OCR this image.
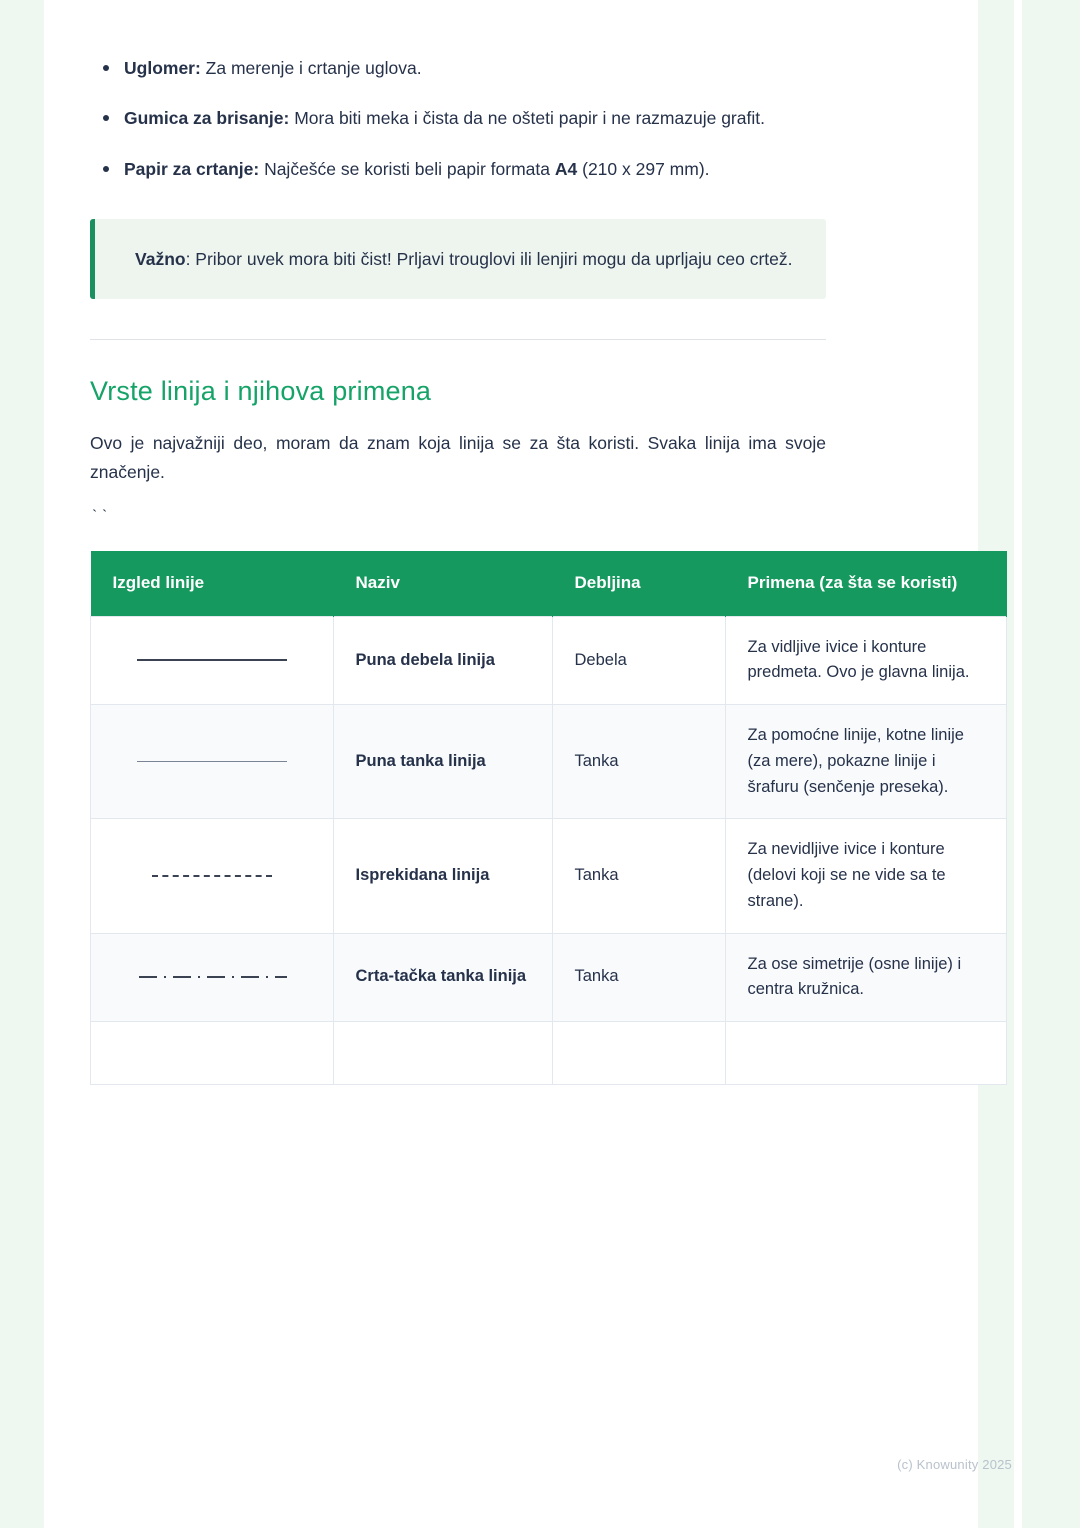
Uglomer: Za merenje i crtanje uglova.
Gumica za brisanje: Mora biti meka i čista da ne ošteti papir i ne razmazuje grafit.
Papir za crtanje: Najčešće se koristi beli papir formata A4 (210 x 297 mm).
Važno: Pribor uvek mora biti čist! Prljavi trouglovi ili lenjiri mogu da uprljaju ceo crtež.
Vrste linija i njihova primena

Ovo je najvažniji deo, moram da znam koja linija se za šta koristi. Svaka linija ima svoje značenje.

``

Izgled linije	Naziv	Debljina	Primena (za šta se koristi)
	Puna debela linija	Debela	Za vidljive ivice i konture predmeta. Ovo je glavna linija.
	Puna tanka linija	Tanka	Za pomoćne linije, kotne linije (za mere), pokazne linije i šrafuru (senčenje preseka).
	Isprekidana linija	Tanka	Za nevidljive ivice i konture (delovi koji se ne vide sa te strane).

	Crta-tačka tanka linija	Tanka	Za ose simetrije (osne linije) i centra kružnica.

(c) Knowunity 2025
